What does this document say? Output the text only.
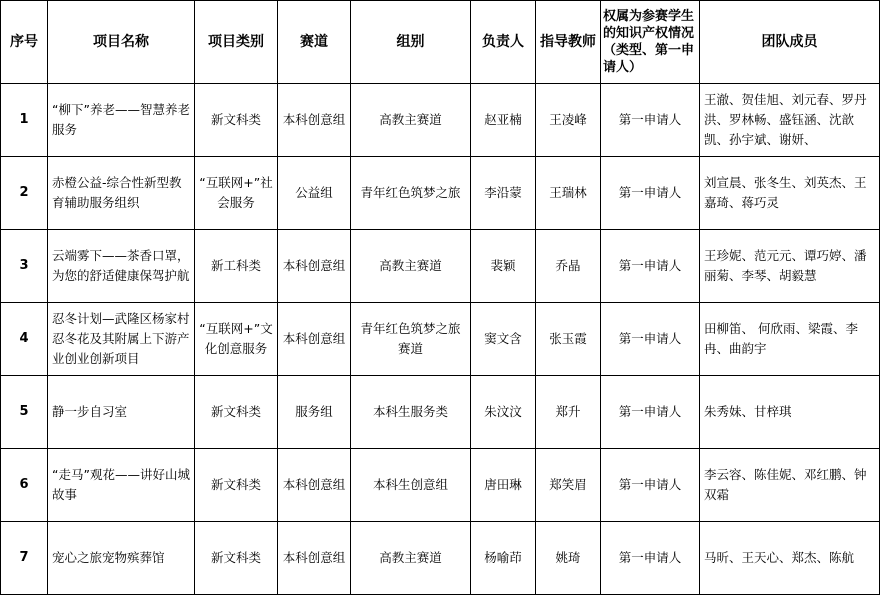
序号	项目名称	项目类别	赛道	组别	负责人	指导教师	权属为参赛学生的知识产权情况（类型、第一申请人）	团队成员
1	“柳下”养老——智慧养老服务	新文科类	本科创意组	高教主赛道	赵亚楠	王凌峰	第一申请人	王澈、贺佳旭、刘元春、罗丹洪、罗林畅、盛钰涵、沈歆凯、孙宇斌、谢妍、
2	赤橙公益-综合性新型教育辅助服务组织	“互联网+”社会服务	公益组	青年红色筑梦之旅	李沿蒙	王瑞林	第一申请人	刘宣晨、张冬生、刘英杰、王嘉琦、蒋巧灵
3	云端雾下——茶香口罩，为您的舒适健康保驾护航	新工科类	本科创意组	高教主赛道	裴颖	乔晶	第一申请人	王珍妮、范元元、谭巧婷、潘丽菊、李琴、胡毅慧
4	忍冬计划—武隆区杨家村忍冬花及其附属上下游产业创业创新项目	“互联网+”文化创意服务	本科创意组	青年红色筑梦之旅赛道	窦文含	张玉霞	第一申请人	田柳笛、 何欣雨、梁霞、李冉、曲韵宇
5	静一步自习室	新文科类	服务组	本科生服务类	朱汶汶	郑升	第一申请人	朱秀妹、甘梓琪
6	“走马”观花——讲好山城故事	新文科类	本科创意组	本科生创意组	唐田琳	郑笑眉	第一申请人	李云容、陈佳妮、邓红鹏、钟双霜
7	宠心之旅宠物殡葬馆	新文科类	本科创意组	高教主赛道	杨喻茚	姚琦	第一申请人	马昕、王天心、郑杰、陈航
